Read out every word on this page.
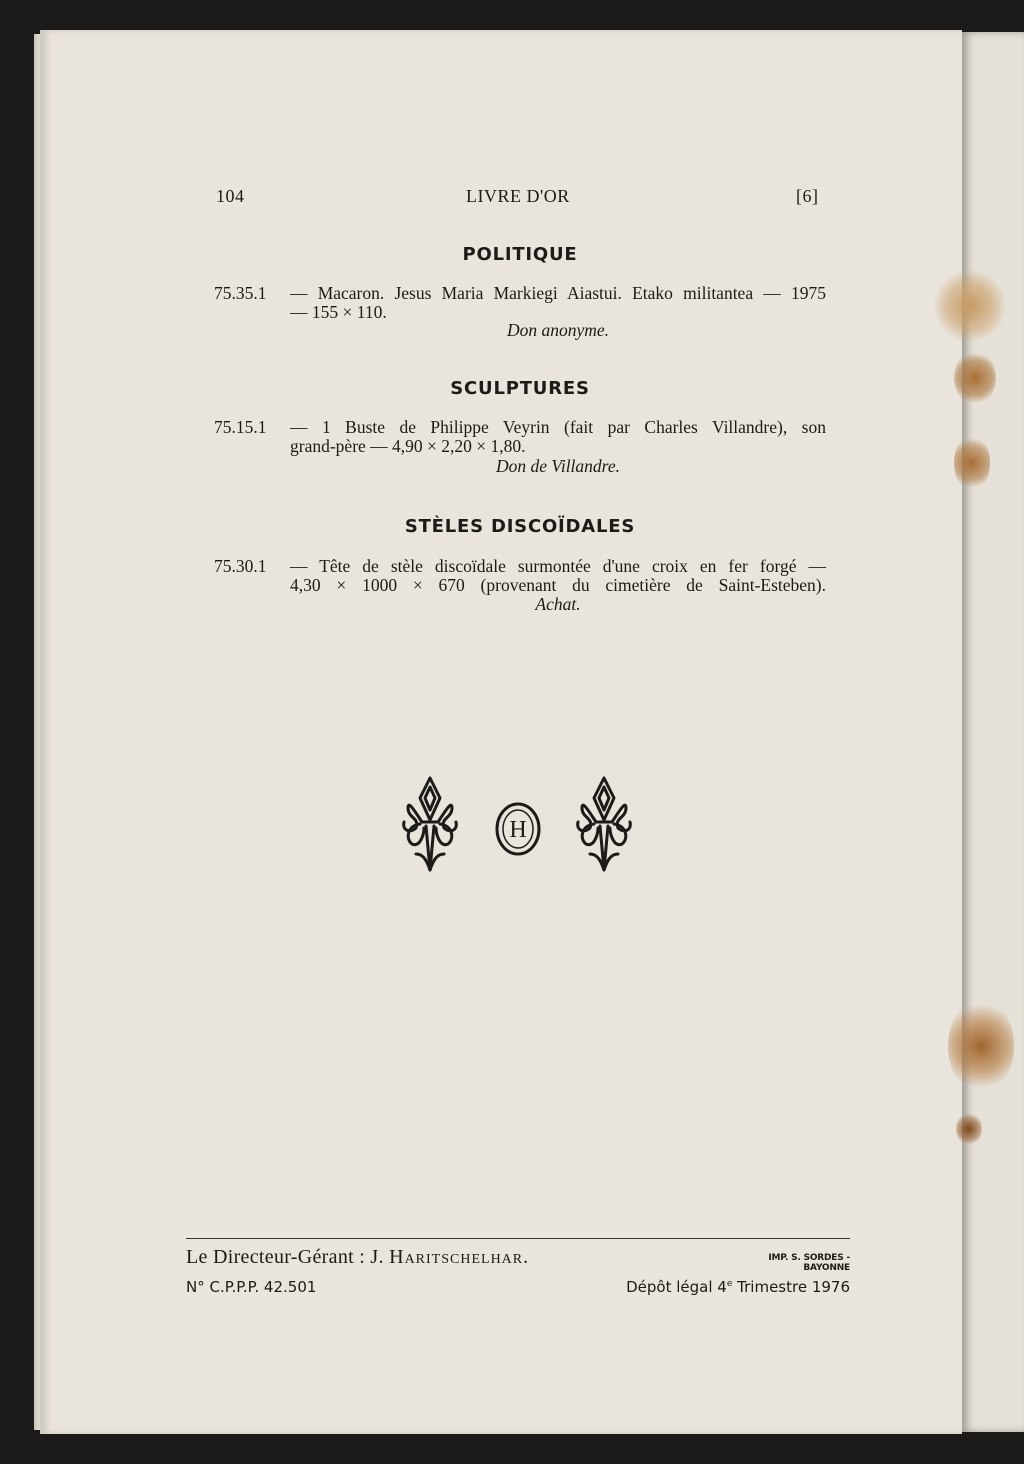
104	LIVRE D'OR	[6]
POLITIQUE
75.35.1 — Macaron. Jesus Maria Markiegi Aiastui. Etako militantea — 1975
— 155 × 110.
Don anonyme.
SCULPTURES
75.15.1 — 1 Buste de Philippe Veyrin (fait par Charles Villandre), son
grand-père — 4,90 × 2,20 × 1,80.
Don de Villandre.
STÈLES DISCOÏDALES
75.30.1 — Tête de stèle discoïdale surmontée d'une croix en fer forgé —
4,30 × 1000 × 670 (provenant du cimetière de Saint-Esteben).
Achat.
H
Le Directeur-Gérant : J. Haritschelhar.	IMP. S. SORDES - BAYONNE
N° C.P.P.P. 42.501	Dépôt légal 4e Trimestre 1976
